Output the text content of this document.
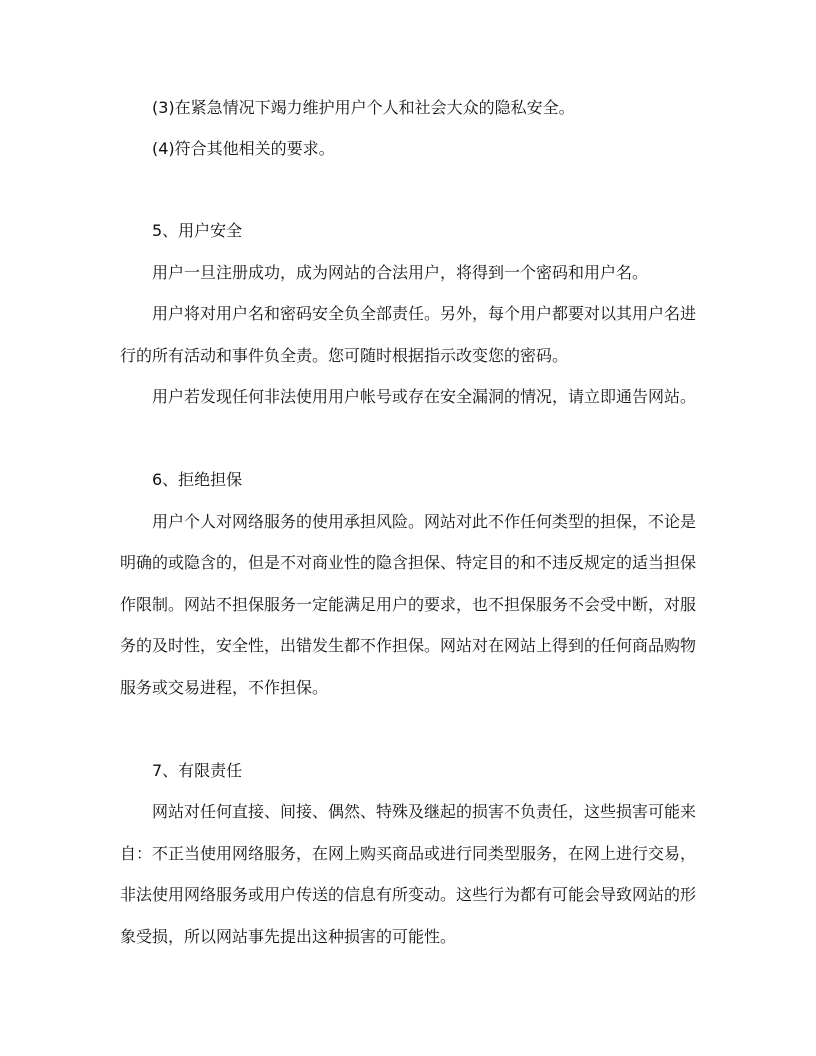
(3)在紧急情况下竭力维护用户个人和社会大众的隐私安全。
(4)符合其他相关的要求。
5、用户安全
用户一旦注册成功，成为网站的合法用户，将得到一个密码和用户名。
用户将对用户名和密码安全负全部责任。另外，每个用户都要对以其用户名进
行的所有活动和事件负全责。您可随时根据指示改变您的密码。
用户若发现任何非法使用用户帐号或存在安全漏洞的情况，请立即通告网站。
6、拒绝担保
用户个人对网络服务的使用承担风险。网站对此不作任何类型的担保，不论是
明确的或隐含的，但是不对商业性的隐含担保、特定目的和不违反规定的适当担保
作限制。网站不担保服务一定能满足用户的要求，也不担保服务不会受中断，对服
务的及时性，安全性，出错发生都不作担保。网站对在网站上得到的任何商品购物
服务或交易进程，不作担保。
7、有限责任
网站对任何直接、间接、偶然、特殊及继起的损害不负责任，这些损害可能来
自：不正当使用网络服务，在网上购买商品或进行同类型服务，在网上进行交易，
非法使用网络服务或用户传送的信息有所变动。这些行为都有可能会导致网站的形
象受损，所以网站事先提出这种损害的可能性。
